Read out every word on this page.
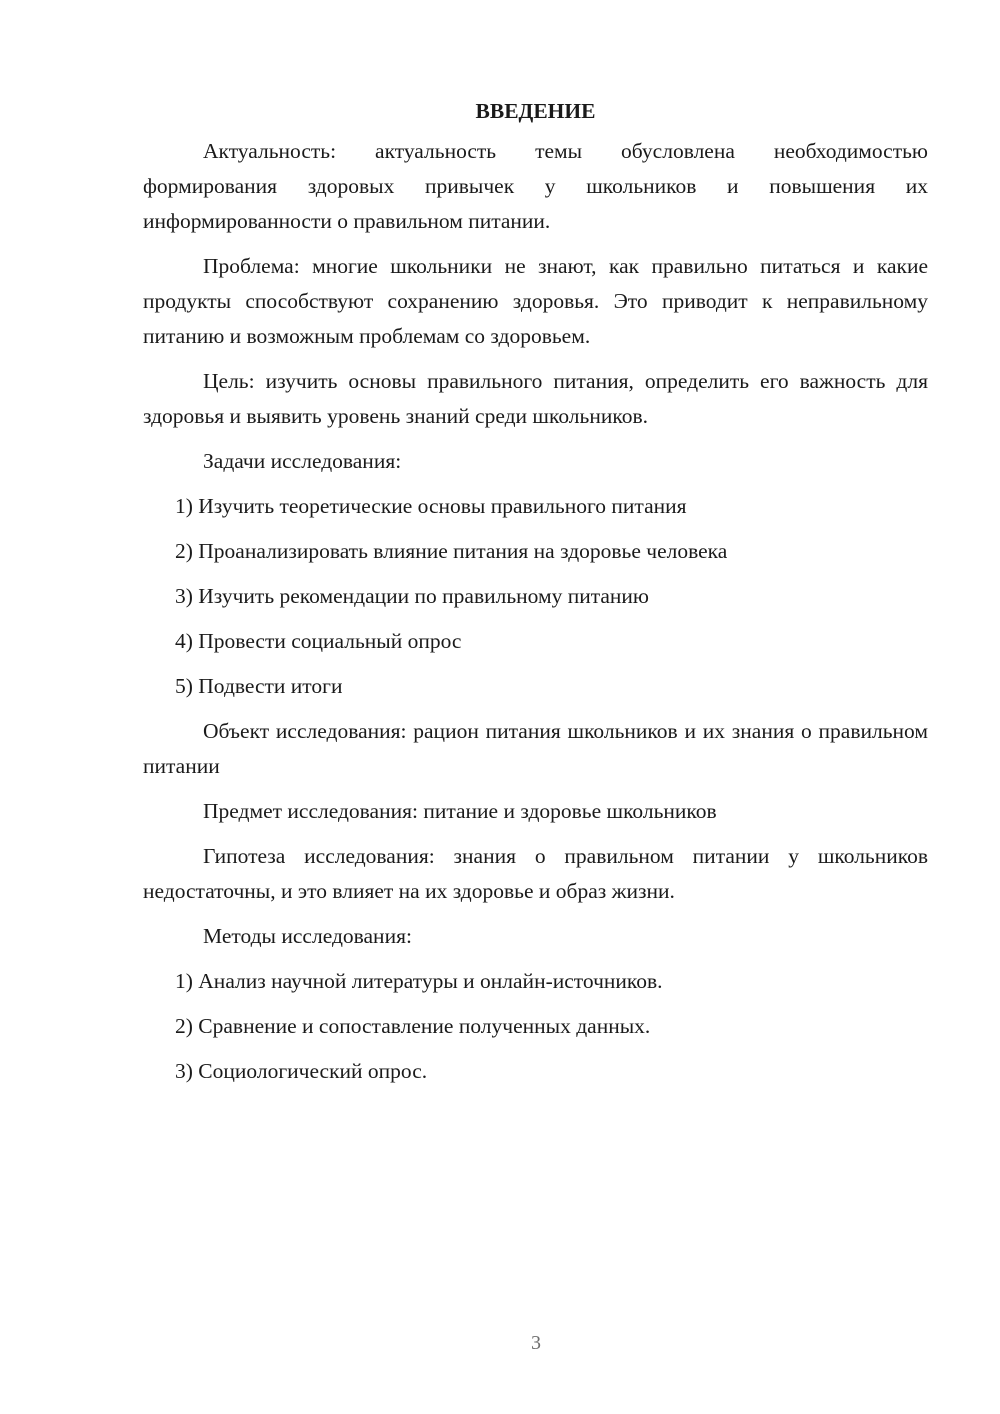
ВВЕДЕНИЕ

Актуальность: актуальность темы обусловлена необходимостью формирования здоровых привычек у школьников и повышения их информированности о правильном питании.

Проблема: многие школьники не знают, как правильно питаться и какие продукты способствуют сохранению здоровья. Это приводит к неправильному питанию и возможным проблемам со здоровьем.

Цель: изучить основы правильного питания, определить его важность для здоровья и выявить уровень знаний среди школьников.

Задачи исследования:

1) Изучить теоретические основы правильного питания
2) Проанализировать влияние питания на здоровье человека
3) Изучить рекомендации по правильному питанию
4) Провести социальный опрос
5) Подвести итоги

Объект исследования: рацион питания школьников и их знания о правильном питании

Предмет исследования: питание и здоровье школьников

Гипотеза исследования: знания о правильном питании у школьников недостаточны, и это влияет на их здоровье и образ жизни.

Методы исследования:

1) Анализ научной литературы и онлайн-источников.
2) Сравнение и сопоставление полученных данных.
3) Социологический опрос.
3
